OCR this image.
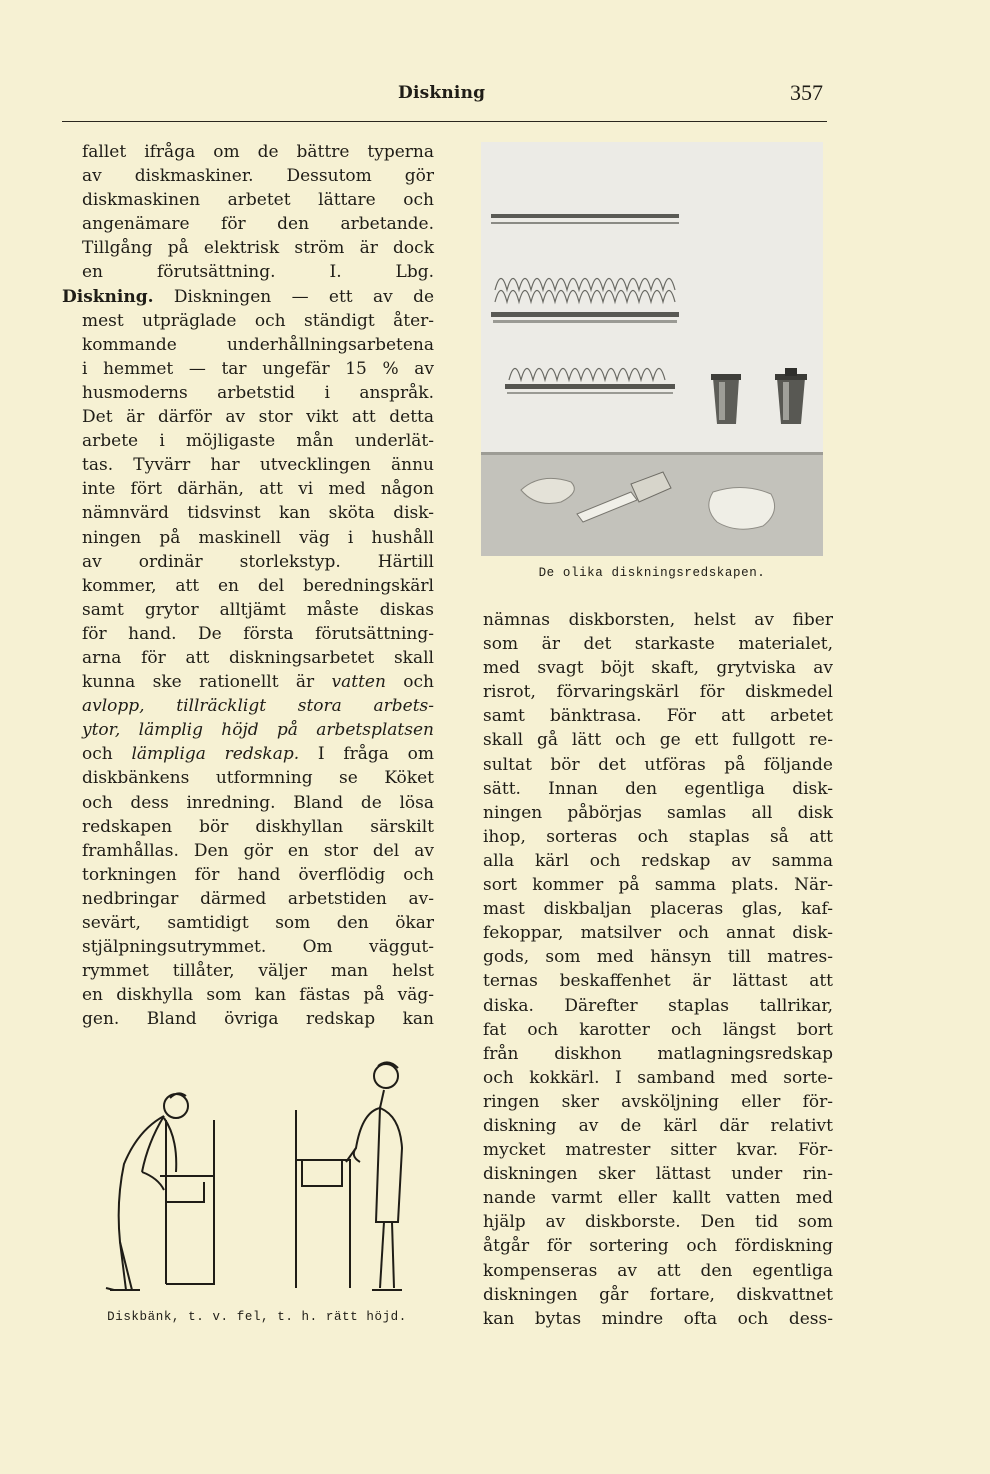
Diskning	357
fallet ifråga om de bättre typerna
av diskmaskiner. Dessutom gör
diskmaskinen arbetet lättare och
angenämare för den arbetande.
Tillgång på elektrisk ström är dock
en förutsättning. I. Lbg.
Diskning. Diskningen — ett av de
mest utpräglade och ständigt åter-
kommande underhållningsarbetena
i hemmet — tar ungefär 15 % av
husmoderns arbetstid i anspråk.
Det är därför av stor vikt att detta
arbete i möjligaste mån underlät-
tas. Tyvärr har utvecklingen ännu
inte fört därhän, att vi med någon
nämnvärd tidsvinst kan sköta disk-
ningen på maskinell väg i hushåll
av ordinär storlekstyp. Härtill
kommer, att en del beredningskärl
samt grytor alltjämt måste diskas
för hand. De första förutsättning-
arna för att diskningsarbetet skall
kunna ske rationellt är vatten och
avlopp, tillräckligt stora arbets-
ytor, lämplig höjd på arbetsplatsen
och lämpliga redskap. I fråga om
diskbänkens utformning se Köket
och dess inredning. Bland de lösa
redskapen bör diskhyllan särskilt
framhållas. Den gör en stor del av
torkningen för hand överflödig och
nedbringar därmed arbetstiden av-
sevärt, samtidigt som den ökar
stjälpningsutrymmet. Om väggut-
rymmet tillåter, väljer man helst
en diskhylla som kan fästas på väg-
gen. Bland övriga redskap kan
De olika diskningsredskapen.
Diskbänk, t. v. fel, t. h. rätt höjd.
nämnas diskborsten, helst av fiber
som är det starkaste materialet,
med svagt böjt skaft, grytviska av
risrot, förvaringskärl för diskmedel
samt bänktrasa. För att arbetet
skall gå lätt och ge ett fullgott re-
sultat bör det utföras på följande
sätt. Innan den egentliga disk-
ningen påbörjas samlas all disk
ihop, sorteras och staplas så att
alla kärl och redskap av samma
sort kommer på samma plats. När-
mast diskbaljan placeras glas, kaf-
fekoppar, matsilver och annat disk-
gods, som med hänsyn till matres-
ternas beskaffenhet är lättast att
diska. Därefter staplas tallrikar,
fat och karotter och längst bort
från diskhon matlagningsredskap
och kokkärl. I samband med sorte-
ringen sker avsköljning eller för-
diskning av de kärl där relativt
mycket matrester sitter kvar. För-
diskningen sker lättast under rin-
nande varmt eller kallt vatten med
hjälp av diskborste. Den tid som
åtgår för sortering och fördiskning
kompenseras av att den egentliga
diskningen går fortare, diskvattnet
kan bytas mindre ofta och dess-
